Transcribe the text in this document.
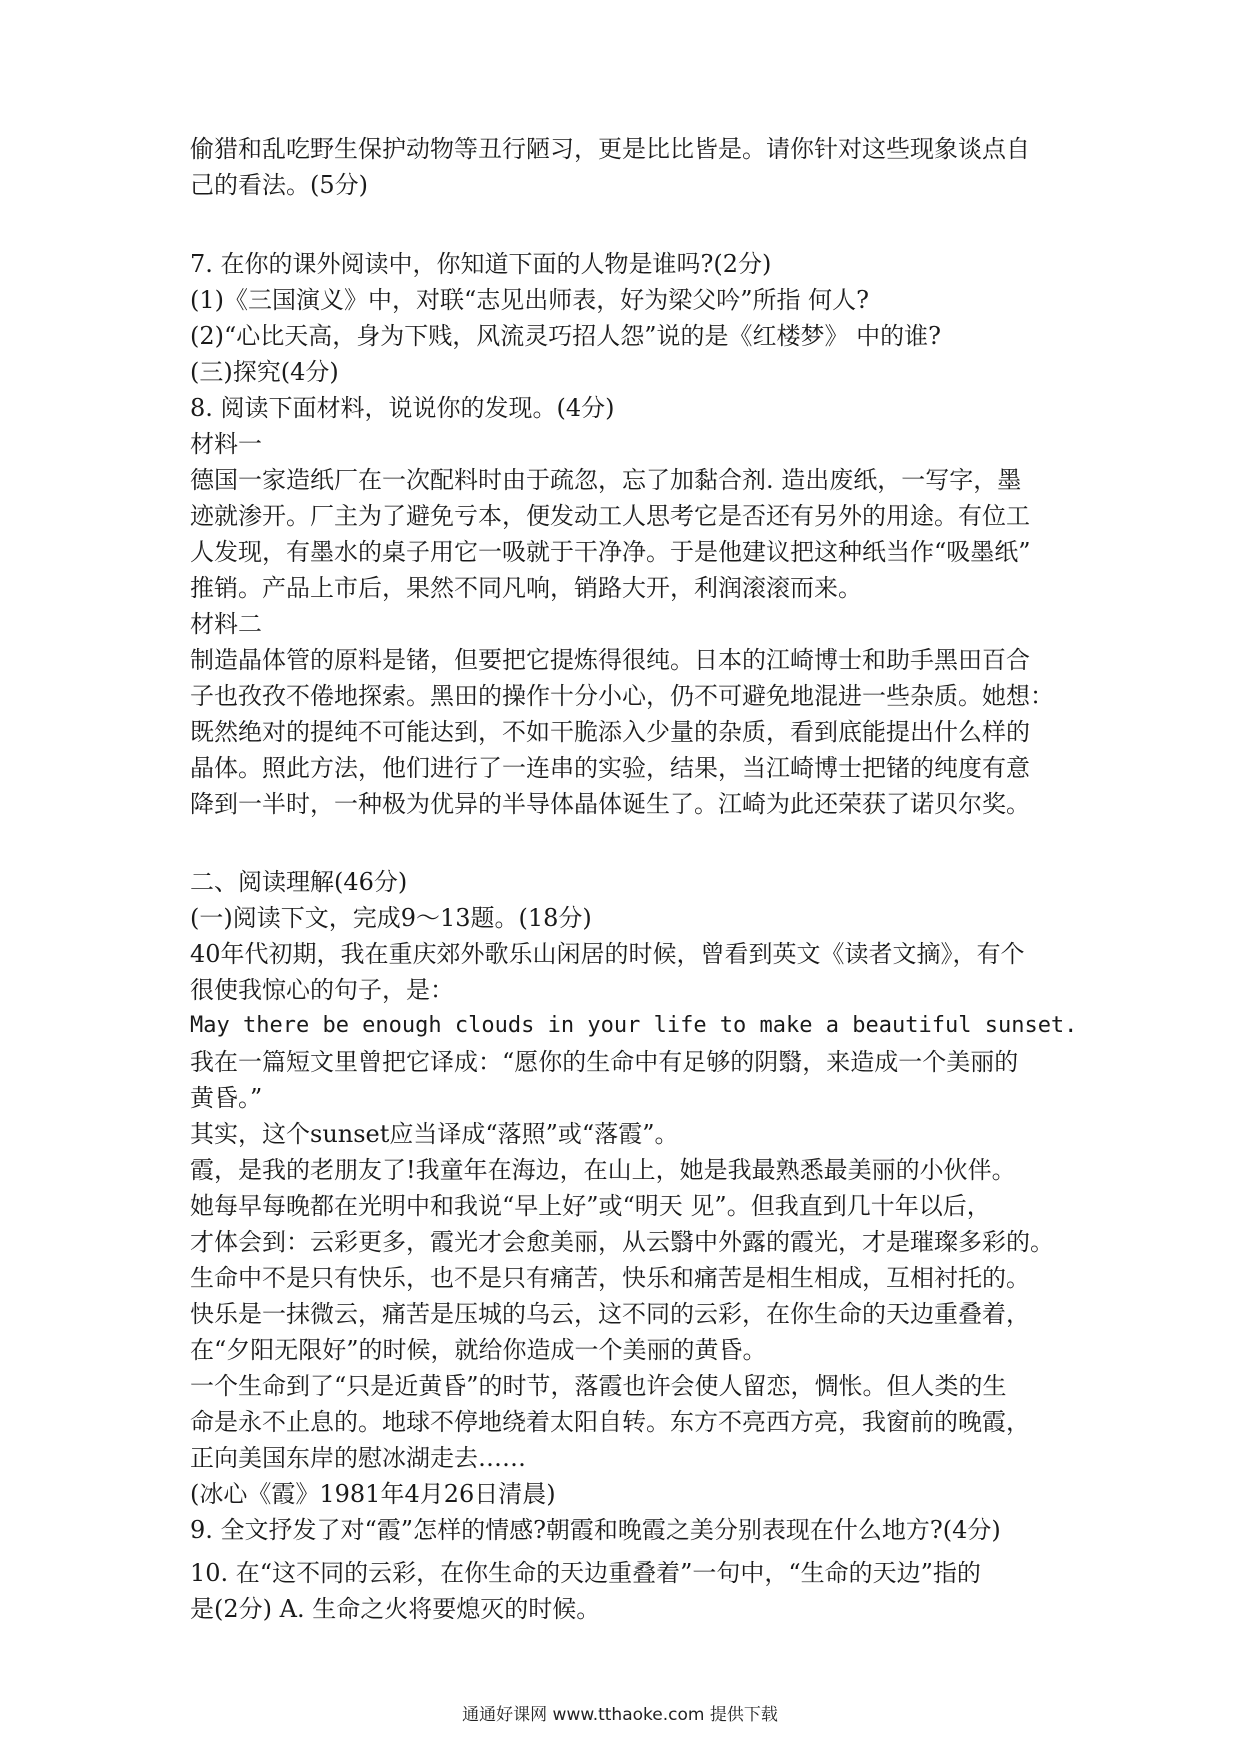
偷猎和乱吃野生保护动物等丑行陋习，更是比比皆是。请你针对这些现象谈点自
己的看法。(5分)
7. 在你的课外阅读中，你知道下面的人物是谁吗?(2分)
(1)《三国演义》中，对联“志见出师表，好为梁父吟”所指 何人?
(2)“心比天高，身为下贱，风流灵巧招人怨”说的是《红楼梦》 中的谁?
(三)探究(4分)
8. 阅读下面材料，说说你的发现。(4分)
材料一
德国一家造纸厂在一次配料时由于疏忽，忘了加黏合剂. 造出废纸，一写字，墨
迹就渗开。厂主为了避免亏本，便发动工人思考它是否还有另外的用途。有位工
人发现，有墨水的桌子用它一吸就于干净净。于是他建议把这种纸当作“吸墨纸”
推销。产品上市后，果然不同凡响，销路大开，利润滚滚而来。
材料二
制造晶体管的原料是锗，但要把它提炼得很纯。日本的江崎博士和助手黑田百合
子也孜孜不倦地探索。黑田的操作十分小心，仍不可避免地混进一些杂质。她想：
既然绝对的提纯不可能达到，不如干脆添入少量的杂质，看到底能提出什么样的
晶体。照此方法，他们进行了一连串的实验，结果，当江崎博士把锗的纯度有意
降到一半时，一种极为优异的半导体晶体诞生了。江崎为此还荣获了诺贝尔奖。
二、阅读理解(46分)
(一)阅读下文，完成9～13题。(18分)
40年代初期，我在重庆郊外歌乐山闲居的时候，曾看到英文《读者文摘》，有个
很使我惊心的句子，是：
May there be enough clouds in your life to make a beautiful sunset.
我在一篇短文里曾把它译成：“愿你的生命中有足够的阴翳，来造成一个美丽的
黄昏。”
其实，这个sunset应当译成“落照”或“落霞”。
霞，是我的老朋友了!我童年在海边，在山上，她是我最熟悉最美丽的小伙伴。
她每早每晚都在光明中和我说“早上好”或“明天 见”。但我直到几十年以后，
才体会到：云彩更多，霞光才会愈美丽，从云翳中外露的霞光，才是璀璨多彩的。
生命中不是只有快乐，也不是只有痛苦，快乐和痛苦是相生相成，互相衬托的。
快乐是一抹微云，痛苦是压城的乌云，这不同的云彩，在你生命的天边重叠着，
在“夕阳无限好”的时候，就给你造成一个美丽的黄昏。
一个生命到了“只是近黄昏”的时节，落霞也许会使人留恋，惆怅。但人类的生
命是永不止息的。地球不停地绕着太阳自转。东方不亮西方亮，我窗前的晚霞，
正向美国东岸的慰冰湖走去……
(冰心《霞》1981年4月26日清晨)
9. 全文抒发了对“霞”怎样的情感?朝霞和晚霞之美分别表现在什么地方?(4分)
10. 在“这不同的云彩，在你生命的天边重叠着”一句中，“生命的天边”指的
是(2分) A. 生命之火将要熄灭的时候。
通通好课网 www.tthaoke.com 提供下载
